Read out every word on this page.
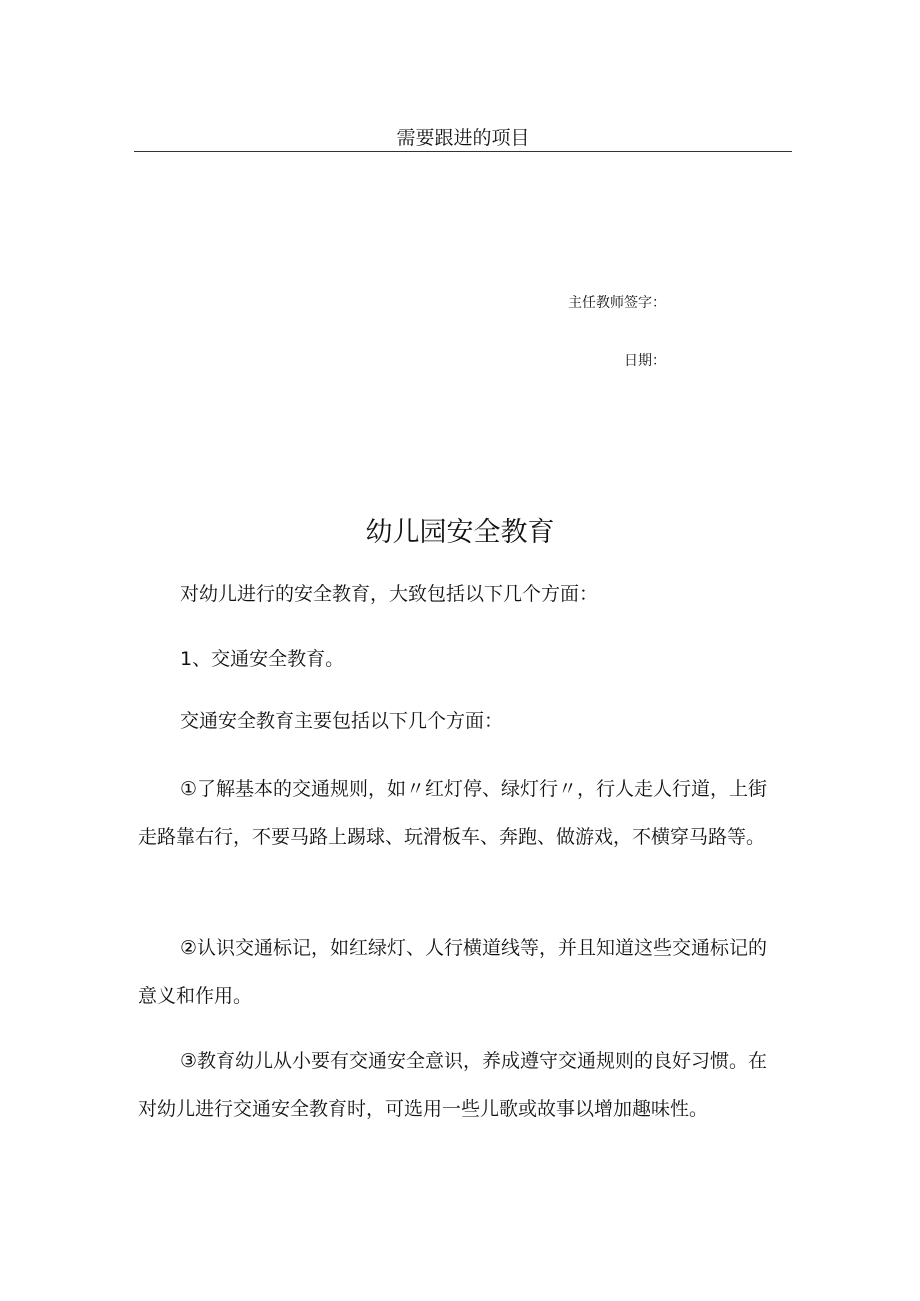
需要跟进的项目
主任教师签字：
日期：
幼儿园安全教育

对幼儿进行的安全教育，大致包括以下几个方面：

1、交通安全教育。

交通安全教育主要包括以下几个方面：

①了解基本的交通规则，如〃红灯停、绿灯行〃，行人走人行道，上街走路靠右行，不要马路上踢球、玩滑板车、奔跑、做游戏，不横穿马路等。

②认识交通标记，如红绿灯、人行横道线等，并且知道这些交通标记的意义和作用。

③教育幼儿从小要有交通安全意识，养成遵守交通规则的良好习惯。在对幼儿进行交通安全教育时，可选用一些儿歌或故事以增加趣味性。
